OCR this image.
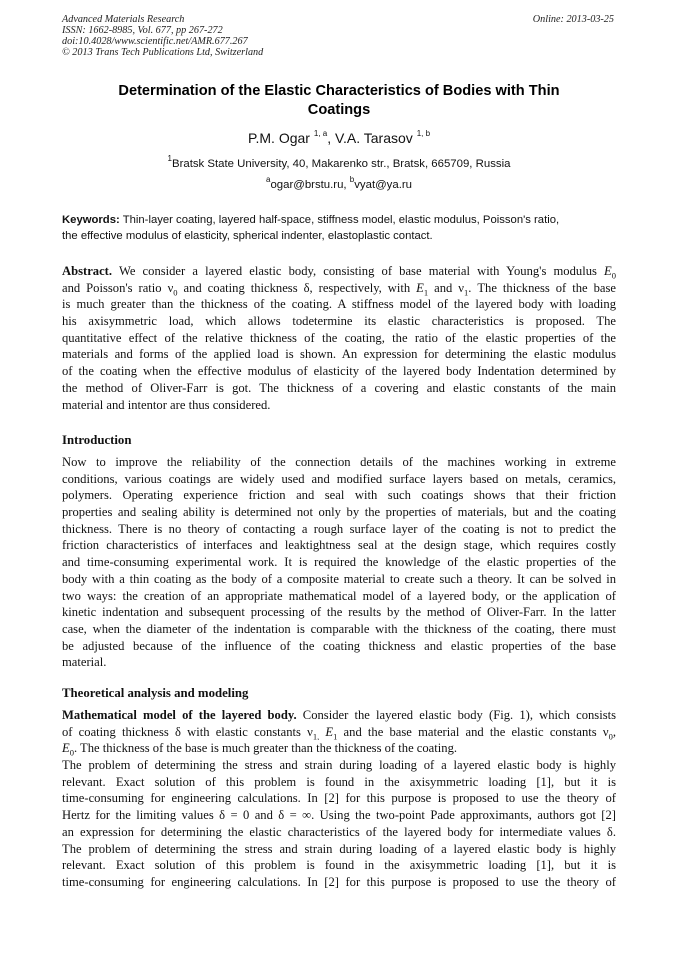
Advanced Materials Research
ISSN: 1662-8985, Vol. 677, pp 267-272
doi:10.4028/www.scientific.net/AMR.677.267
© 2013 Trans Tech Publications Ltd, Switzerland
Online: 2013-03-25
Determination of the Elastic Characteristics of Bodies with Thin
Coatings
P.M. Ogar $^{1, a}$, V.A. Tarasov $^{1, b}$
$^1$Bratsk State University, 40, Makarenko str., Bratsk, 665709, Russia
$^a$ogar@brstu.ru, $^b$vyat@ya.ru
Keywords: Thin-layer coating, layered half-space, stiffness model, elastic modulus, Poisson's ratio,
the effective modulus of elasticity, spherical indenter, elastoplastic contact.
Abstract. We consider a layered elastic body, consisting of base material with Young's modulus $E_0$
and Poisson's ratio $\nu_0$ and coating thickness δ, respectively, with $E_1$ and $\nu_1$. The thickness of the base
is much greater than the thickness of the coating. A stiffness model of the layered body with loading
his axisymmetric load, which allows todetermine its elastic characteristics is proposed. The
quantitative effect of the relative thickness of the coating, the ratio of the elastic properties of the
materials and forms of the applied load is shown. An expression for determining the elastic modulus
of the coating when the effective modulus of elasticity of the layered body Indentation determined by
the method of Oliver-Farr is got. The thickness of a covering and elastic constants of the main
material and intentor are thus considered.
Introduction
Now to improve the reliability of the connection details of the machines working in extreme
conditions, various coatings are widely used and modified surface layers based on metals, ceramics,
polymers. Operating experience friction and seal with such coatings shows that their friction
properties and sealing ability is determined not only by the properties of materials, but and the coating
thickness. There is no theory of contacting a rough surface layer of the coating is not to predict the
friction characteristics of interfaces and leaktightness seal at the design stage, which requires costly
and time-consuming experimental work. It is required the knowledge of the elastic properties of the
body with a thin coating as the body of a composite material to create such a theory. It can be solved in
two ways: the creation of an appropriate mathematical model of a layered body, or the application of
kinetic indentation and subsequent processing of the results by the method of Oliver-Farr. In the latter
case, when the diameter of the indentation is comparable with the thickness of the coating, there must
be adjusted because of the influence of the coating thickness and elastic properties of the base
material.
Theoretical analysis and modeling
Mathematical model of the layered body. Consider the layered elastic body (Fig. 1), which consists
of coating thickness δ with elastic constants $\nu_{1,}$ $E_1$ and the base material and the elastic constants $\nu_0$,
$E_0$. The thickness of the base is much greater than the thickness of the coating.
The problem of determining the stress and strain during loading of a layered elastic body is highly
relevant. Exact solution of this problem is found in the axisymmetric loading [1], but it is
time-consuming for engineering calculations. In [2] for this purpose is proposed to use the theory of
Hertz for the limiting values δ = 0 and δ = ∞. Using the two-point Pade approximants, authors got [2]
an expression for determining the elastic characteristics of the layered body for intermediate values δ.
The problem of determining the stress and strain during loading of a layered elastic body is highly
relevant. Exact solution of this problem is found in the axisymmetric loading [1], but it is
time-consuming for engineering calculations. In [2] for this purpose is proposed to use the theory of
